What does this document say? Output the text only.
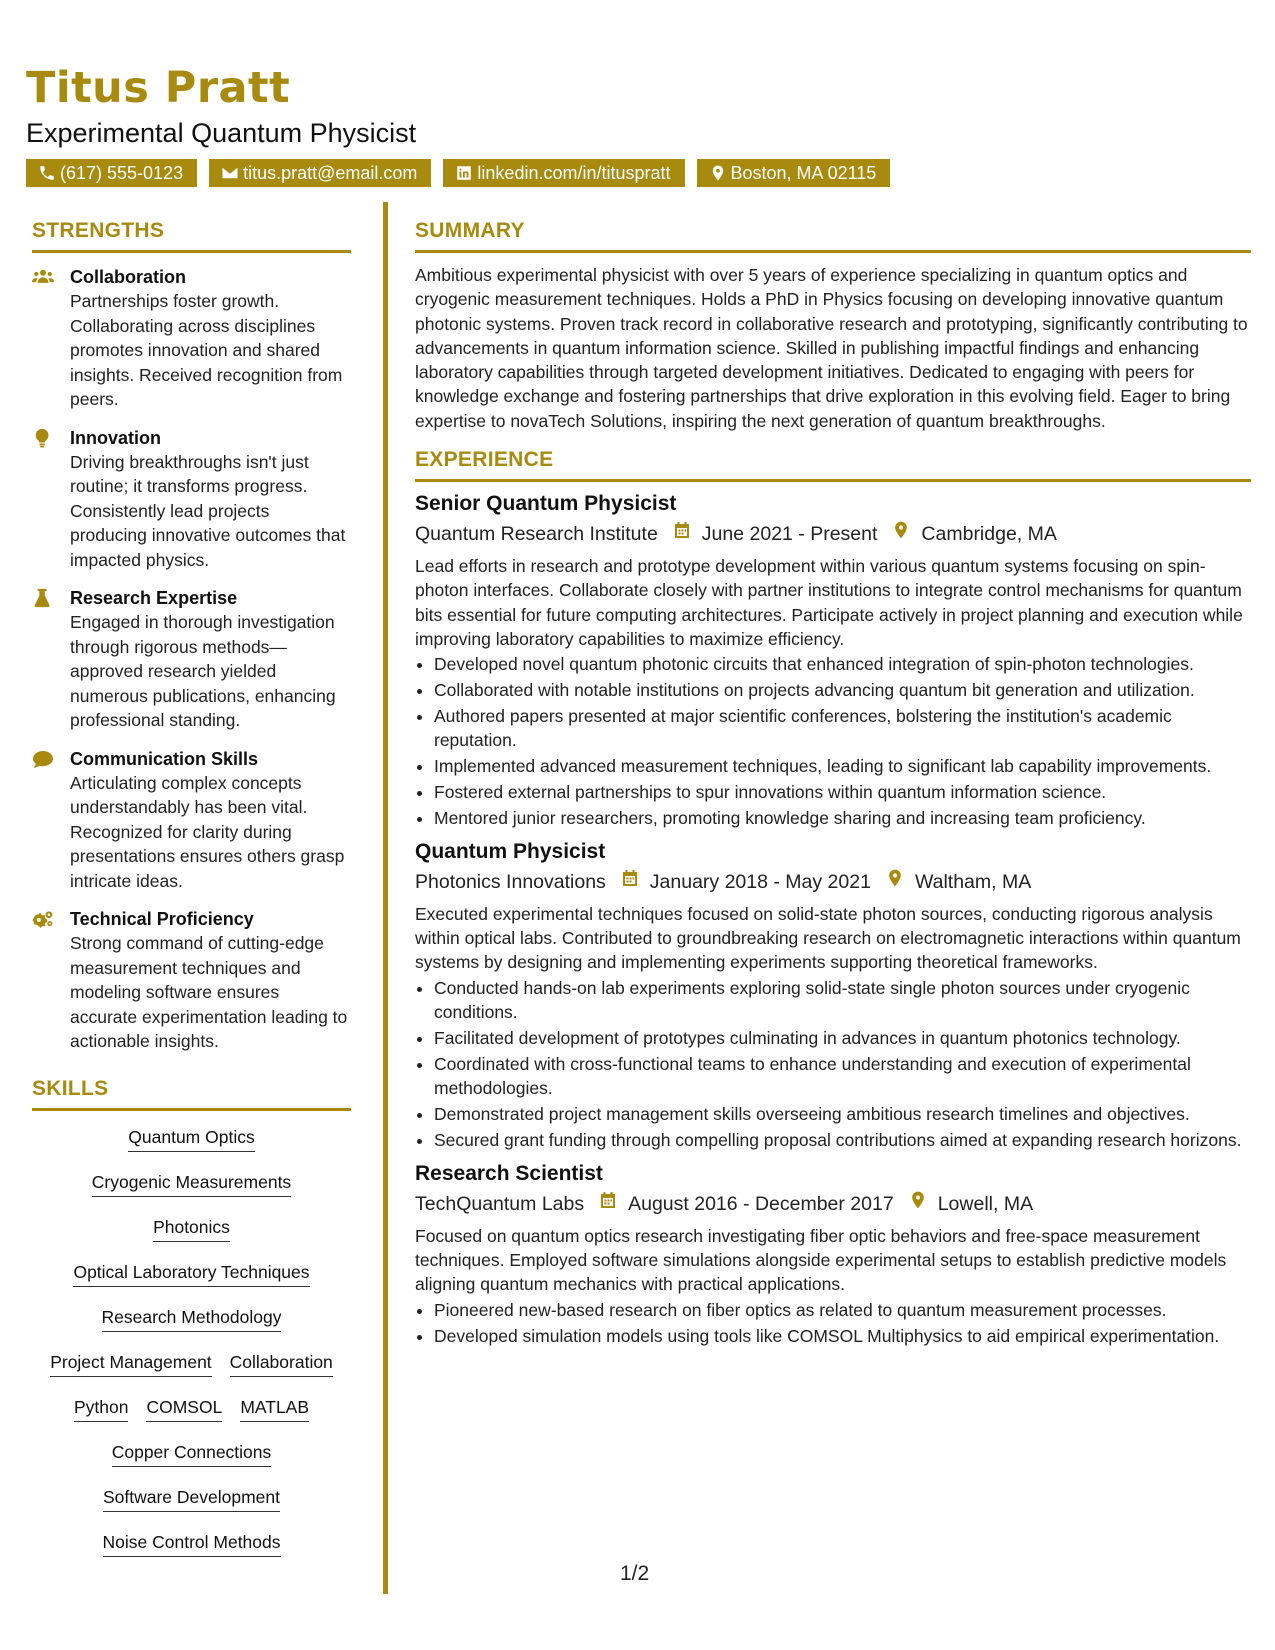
Titus Pratt
Experimental Quantum Physicist
(617) 555-0123	titus.pratt@email.com	linkedin.com/in/tituspratt	Boston, MA 02115
STRENGTHS
Collaboration

Partnerships foster growth. Collaborating across disciplines promotes innovation and shared insights. Received recognition from peers.

Innovation

Driving breakthroughs isn't just routine; it transforms progress. Consistently lead projects producing innovative outcomes that impacted physics.

Research Expertise

Engaged in thorough investigation through rigorous methods—approved research yielded numerous publications, enhancing professional standing.

Communication Skills

Articulating complex concepts understandably has been vital. Recognized for clarity during presentations ensures others grasp intricate ideas.

Technical Proficiency

Strong command of cutting-edge measurement techniques and modeling software ensures accurate experimentation leading to actionable insights.

SKILLS
Quantum Optics
Cryogenic Measurements
Photonics
Optical Laboratory Techniques
Research Methodology
Project Management Collaboration
Python COMSOL MATLAB
Copper Connections
Software Development
Noise Control Methods
SUMMARY
Ambitious experimental physicist with over 5 years of experience specializing in quantum optics and cryogenic measurement techniques. Holds a PhD in Physics focusing on developing innovative quantum photonic systems. Proven track record in collaborative research and prototyping, significantly contributing to advancements in quantum information science. Skilled in publishing impactful findings and enhancing laboratory capabilities through targeted development initiatives. Dedicated to engaging with peers for knowledge exchange and fostering partnerships that drive exploration in this evolving field. Eager to bring expertise to novaTech Solutions, inspiring the next generation of quantum breakthroughs.
EXPERIENCE
Senior Quantum Physicist
Quantum Research Institute June 2021 - Present Cambridge, MA
Lead efforts in research and prototype development within various quantum systems focusing on spin-photon interfaces. Collaborate closely with partner institutions to integrate control mechanisms for quantum bits essential for future computing architectures. Participate actively in project planning and execution while improving laboratory capabilities to maximize efficiency.
• Developed novel quantum photonic circuits that enhanced integration of spin-photon technologies.
• Collaborated with notable institutions on projects advancing quantum bit generation and utilization.
• Authored papers presented at major scientific conferences, bolstering the institution's academic reputation.
• Implemented advanced measurement techniques, leading to significant lab capability improvements.
• Fostered external partnerships to spur innovations within quantum information science.
• Mentored junior researchers, promoting knowledge sharing and increasing team proficiency.
Quantum Physicist
Photonics Innovations January 2018 - May 2021 Waltham, MA
Executed experimental techniques focused on solid-state photon sources, conducting rigorous analysis within optical labs. Contributed to groundbreaking research on electromagnetic interactions within quantum systems by designing and implementing experiments supporting theoretical frameworks.
• Conducted hands-on lab experiments exploring solid-state single photon sources under cryogenic conditions.
• Facilitated development of prototypes culminating in advances in quantum photonics technology.
• Coordinated with cross-functional teams to enhance understanding and execution of experimental methodologies.
• Demonstrated project management skills overseeing ambitious research timelines and objectives.
• Secured grant funding through compelling proposal contributions aimed at expanding research horizons.
Research Scientist
TechQuantum Labs August 2016 - December 2017 Lowell, MA
Focused on quantum optics research investigating fiber optic behaviors and free-space measurement techniques. Employed software simulations alongside experimental setups to establish predictive models aligning quantum mechanics with practical applications.
• Pioneered new-based research on fiber optics as related to quantum measurement processes.
• Developed simulation models using tools like COMSOL Multiphysics to aid empirical experimentation.
1/2
